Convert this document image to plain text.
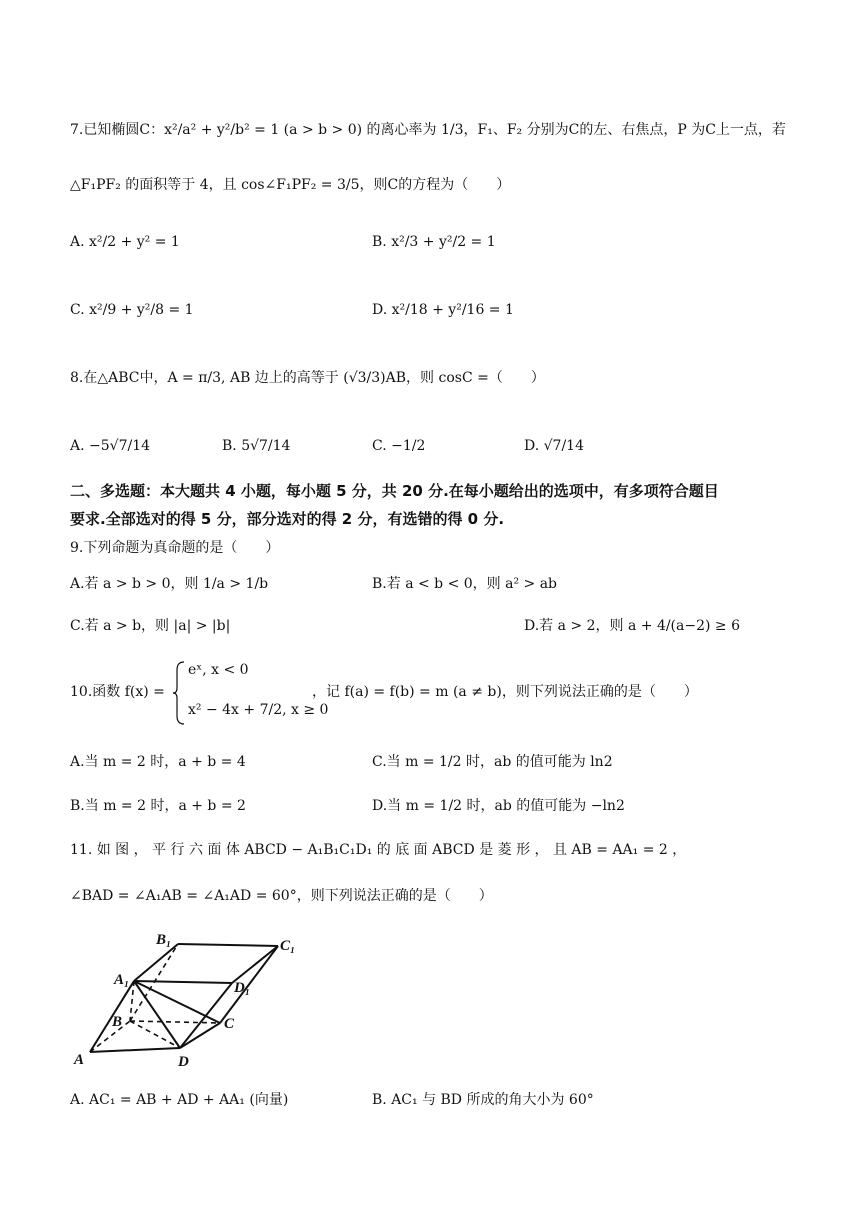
7.已知椭圆C：x²/a² + y²/b² = 1 (a > b > 0) 的离心率为 1/3，F₁、F₂ 分别为C的左、右焦点，P 为C上一点，若
△F₁PF₂ 的面积等于 4，且 cos∠F₁PF₂ = 3/5，则C的方程为（　　）
A. x²/2 + y² = 1	B. x²/3 + y²/2 = 1
C. x²/9 + y²/8 = 1	D. x²/18 + y²/16 = 1
8.在△ABC中，A = π/3, AB 边上的高等于 (√3/3)AB，则 cosC =（　　）
A. −5√7/14	B. 5√7/14	C. −1/2	D. √7/14
二、多选题：本大题共 4 小题，每小题 5 分，共 20 分.在每小题给出的选项中，有多项符合题目
要求.全部选对的得 5 分，部分选对的得 2 分，有选错的得 0 分.
9.下列命题为真命题的是（　　）
A.若 a > b > 0，则 1/a > 1/b	B.若 a < b < 0，则 a² > ab
C.若 a > b，则 |a| > |b|	D.若 a > 2，则 a + 4/(a−2) ≥ 6
10.函数 f(x) =
eˣ, x < 0
x² − 4x + 7/2, x ≥ 0
，记 f(a) = f(b) = m (a ≠ b)，则下列说法正确的是（　　）
A.当 m = 2 时，a + b = 4	C.当 m = 1/2 时，ab 的值可能为 ln2
B.当 m = 2 时，a + b = 2	D.当 m = 1/2 时，ab 的值可能为 −ln2
11. 如 图 ， 平 行 六 面 体 ABCD − A₁B₁C₁D₁ 的 底 面 ABCD 是 菱 形 ， 且 AB = AA₁ = 2 ，
∠BAD = ∠A₁AB = ∠A₁AD = 60°，则下列说法正确的是（　　）
A
B	C
D
A₁
B₁	C₁
D₁
A. AC₁ = AB + AD + AA₁ (向量)	B. AC₁ 与 BD 所成的角大小为 60°
